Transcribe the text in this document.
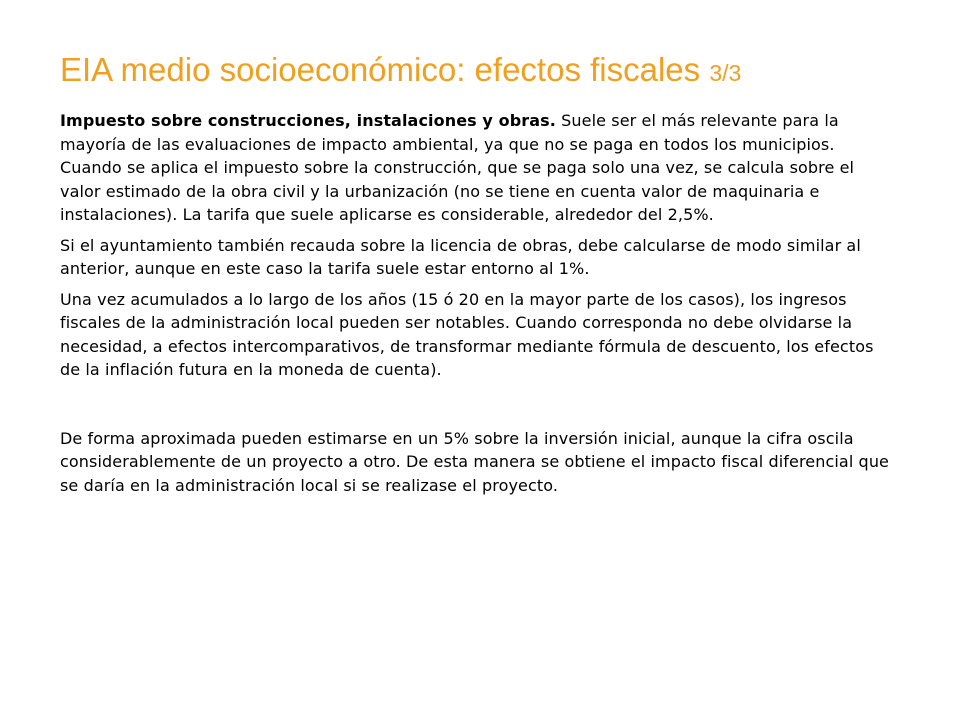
EIA medio socioeconómico: efectos fiscales 3/3

Impuesto sobre construcciones, instalaciones y obras. Suele ser el más relevante para la mayoría de las evaluaciones de impacto ambiental, ya que no se paga en todos los municipios. Cuando se aplica el impuesto sobre la construcción, que se paga solo una vez, se calcula sobre el valor estimado de la obra civil y la urbanización (no se tiene en cuenta valor de maquinaria e instalaciones). La tarifa que suele aplicarse es considerable, alrededor del 2,5%.

Si el ayuntamiento también recauda sobre la licencia de obras, debe calcularse de modo similar al anterior, aunque en este caso la tarifa suele estar entorno al 1%.

Una vez acumulados a lo largo de los años (15 ó 20 en la mayor parte de los casos), los ingresos fiscales de la administración local pueden ser notables. Cuando corresponda no debe olvidarse la necesidad, a efectos intercomparativos, de transformar mediante fórmula de descuento, los efectos de la inflación futura en la moneda de cuenta).

De forma aproximada pueden estimarse en un 5% sobre la inversión inicial, aunque la cifra oscila considerablemente de un proyecto a otro. De esta manera se obtiene el impacto fiscal diferencial que se daría en la administración local si se realizase el proyecto.
